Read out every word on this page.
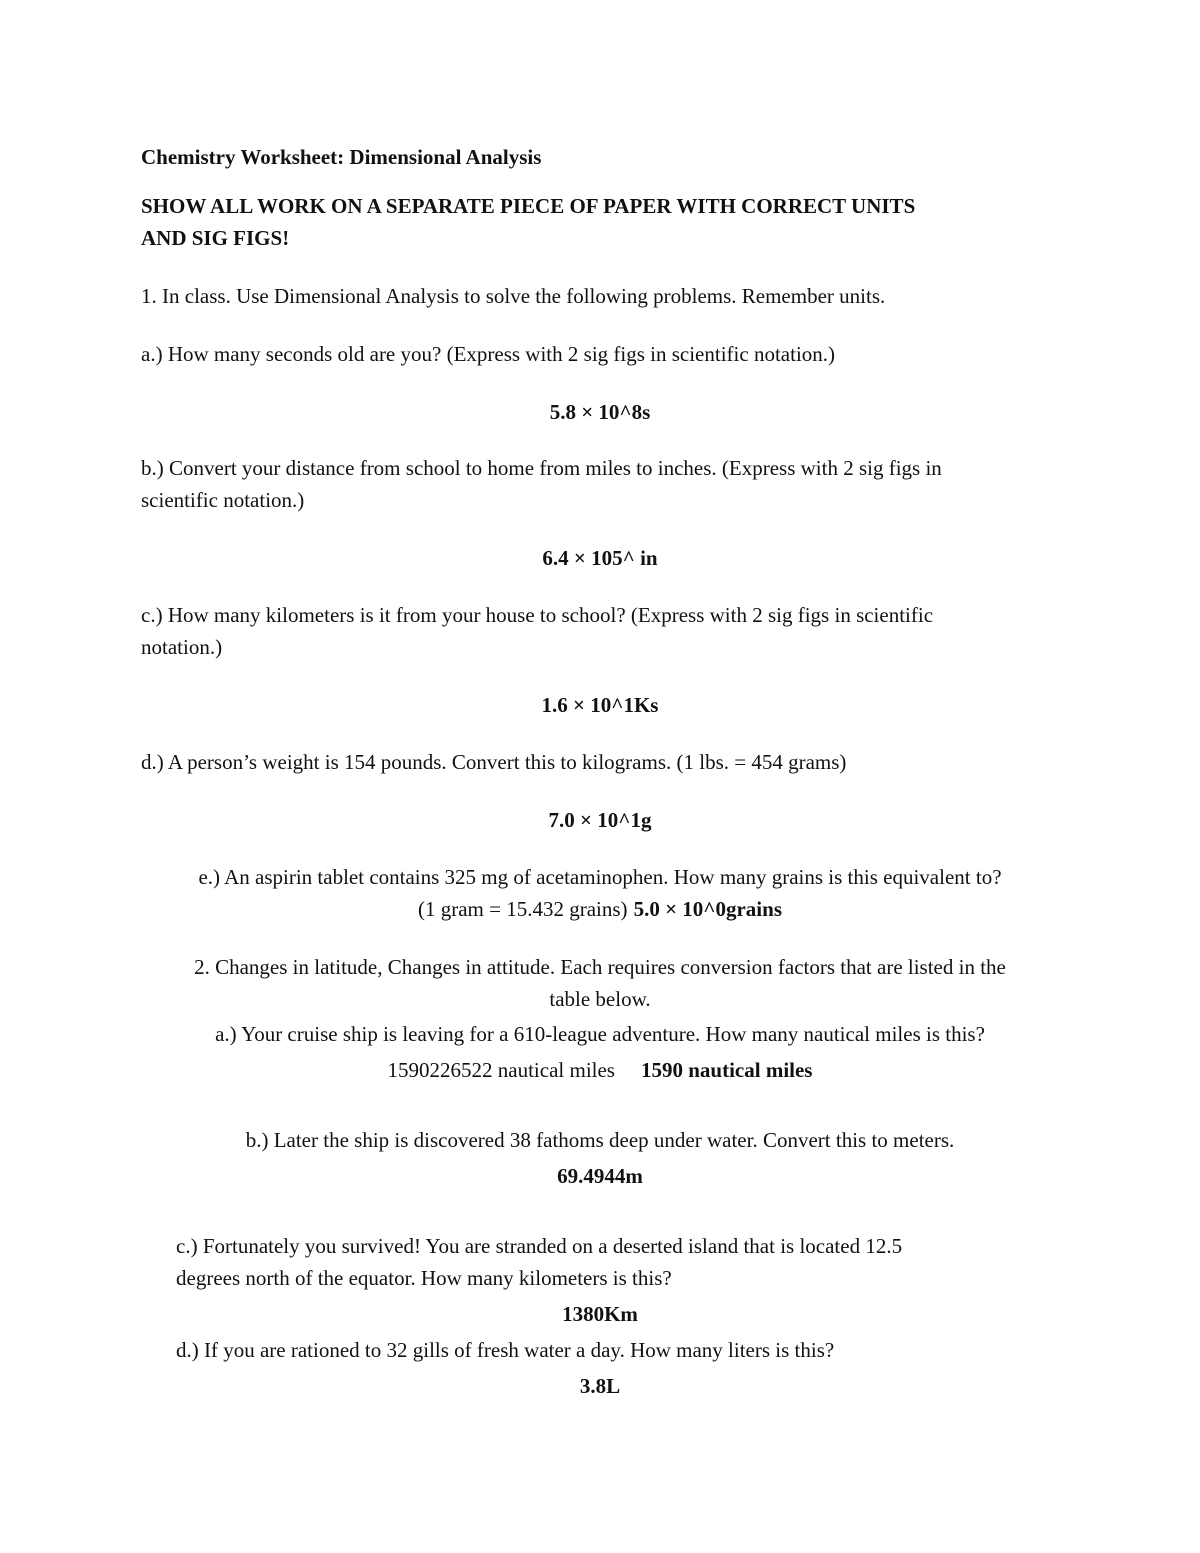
Chemistry Worksheet: Dimensional Analysis
SHOW ALL WORK ON A SEPARATE PIECE OF PAPER WITH CORRECT UNITS
AND SIG FIGS!
1. In class. Use Dimensional Analysis to solve the following problems. Remember units.
a.) How many seconds old are you? (Express with 2 sig figs in scientific notation.)
5.8 × 10^8s
b.) Convert your distance from school to home from miles to inches. (Express with 2 sig figs in
scientific notation.)
6.4 × 105^ in
c.) How many kilometers is it from your house to school? (Express with 2 sig figs in scientific
notation.)
1.6 × 10^1Ks
d.) A person’s weight is 154 pounds. Convert this to kilograms. (1 lbs. = 454 grams)
7.0 × 10^1g
e.) An aspirin tablet contains 325 mg of acetaminophen. How many grains is this equivalent to?
(1 gram = 15.432 grains) 5.0 × 10^0grains
2. Changes in latitude, Changes in attitude. Each requires conversion factors that are listed in the
table below.
a.) Your cruise ship is leaving for a 610-league adventure. How many nautical miles is this?
1590226522 nautical miles 1590 nautical miles
b.) Later the ship is discovered 38 fathoms deep under water. Convert this to meters.
69.4944m
c.) Fortunately you survived! You are stranded on a deserted island that is located 12.5
degrees north of the equator. How many kilometers is this?
1380Km
d.) If you are rationed to 32 gills of fresh water a day. How many liters is this?
3.8L
